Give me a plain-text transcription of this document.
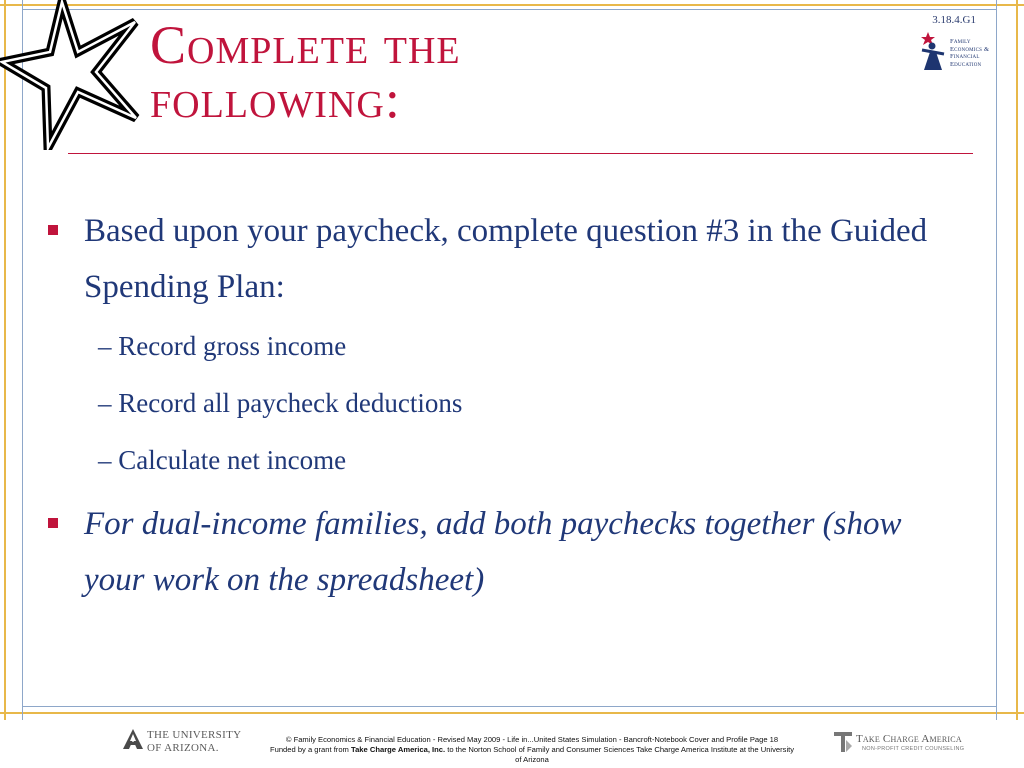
3.18.4.G1
Family
Economics &
Financial
Education
Complete the
following:
Based upon your paycheck, complete question #3 in the Guided Spending Plan:
– Record gross income
– Record all paycheck deductions
– Calculate net income
For dual-income families, add both paychecks together (show your work on the spreadsheet)
THE UNIVERSITY
OF ARIZONA.
© Family Economics & Financial Education - Revised May 2009 - Life in...United States Simulation - Bancroft-Notebook Cover and Profile Page 18
Funded by a grant from Take Charge America, Inc. to the Norton School of Family and Consumer Sciences Take Charge America Institute at the University
of Arizona
Take Charge America
NON-PROFIT CREDIT COUNSELING
